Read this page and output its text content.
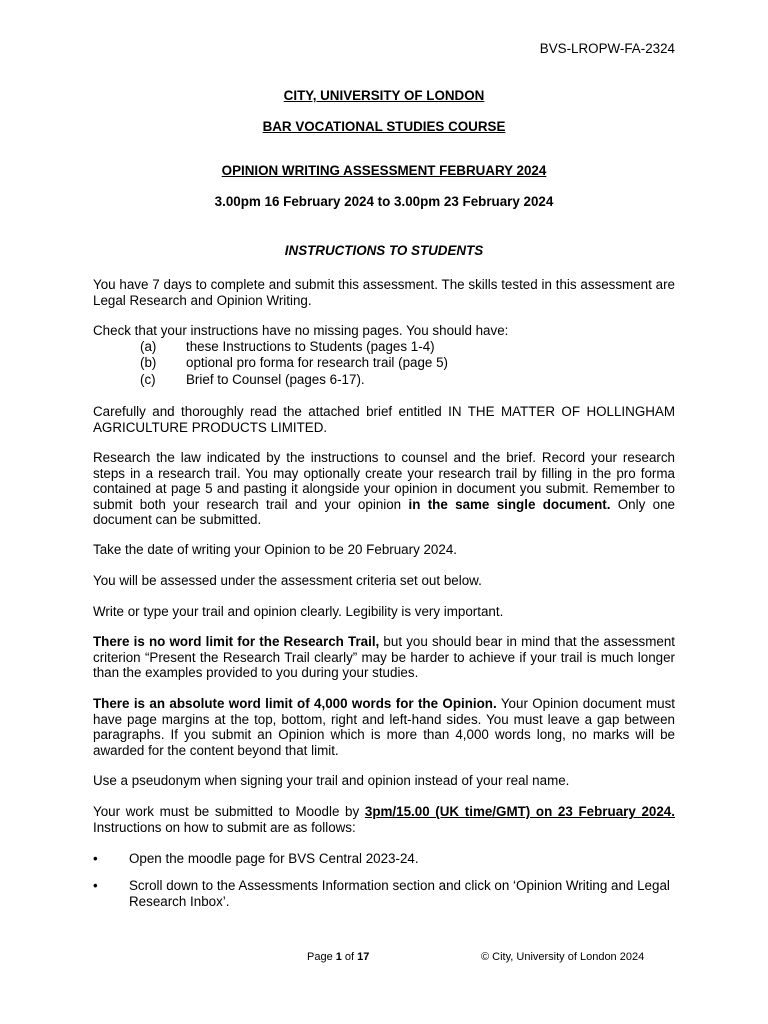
BVS-LROPW-FA-2324
CITY, UNIVERSITY OF LONDON
BAR VOCATIONAL STUDIES COURSE
OPINION WRITING ASSESSMENT FEBRUARY 2024
3.00pm 16 February 2024 to 3.00pm 23 February 2024
INSTRUCTIONS TO STUDENTS

You have 7 days to complete and submit this assessment. The skills tested in this assessment are Legal Research and Opinion Writing.

Check that your instructions have no missing pages. You should have:

(a) these Instructions to Students (pages 1-4)
(b) optional pro forma for research trail (page 5)
(c) Brief to Counsel (pages 6-17).

Carefully and thoroughly read the attached brief entitled IN THE MATTER OF HOLLINGHAM AGRICULTURE PRODUCTS LIMITED.

Research the law indicated by the instructions to counsel and the brief. Record your research steps in a research trail. You may optionally create your research trail by filling in the pro forma contained at page 5 and pasting it alongside your opinion in document you submit. Remember to submit both your research trail and your opinion in the same single document. Only one document can be submitted.

Take the date of writing your Opinion to be 20 February 2024.

You will be assessed under the assessment criteria set out below.

Write or type your trail and opinion clearly. Legibility is very important.

There is no word limit for the Research Trail, but you should bear in mind that the assessment criterion “Present the Research Trail clearly” may be harder to achieve if your trail is much longer than the examples provided to you during your studies.

There is an absolute word limit of 4,000 words for the Opinion. Your Opinion document must have page margins at the top, bottom, right and left-hand sides. You must leave a gap between paragraphs. If you submit an Opinion which is more than 4,000 words long, no marks will be awarded for the content beyond that limit.

Use a pseudonym when signing your trail and opinion instead of your real name.

Your work must be submitted to Moodle by 3pm/15.00 (UK time/GMT) on 23 February 2024. Instructions on how to submit are as follows:

• Open the moodle page for BVS Central 2023-24.
• Scroll down to the Assessments Information section and click on ‘Opinion Writing and Legal Research Inbox’.
Page 1 of 17	© City, University of London 2024
